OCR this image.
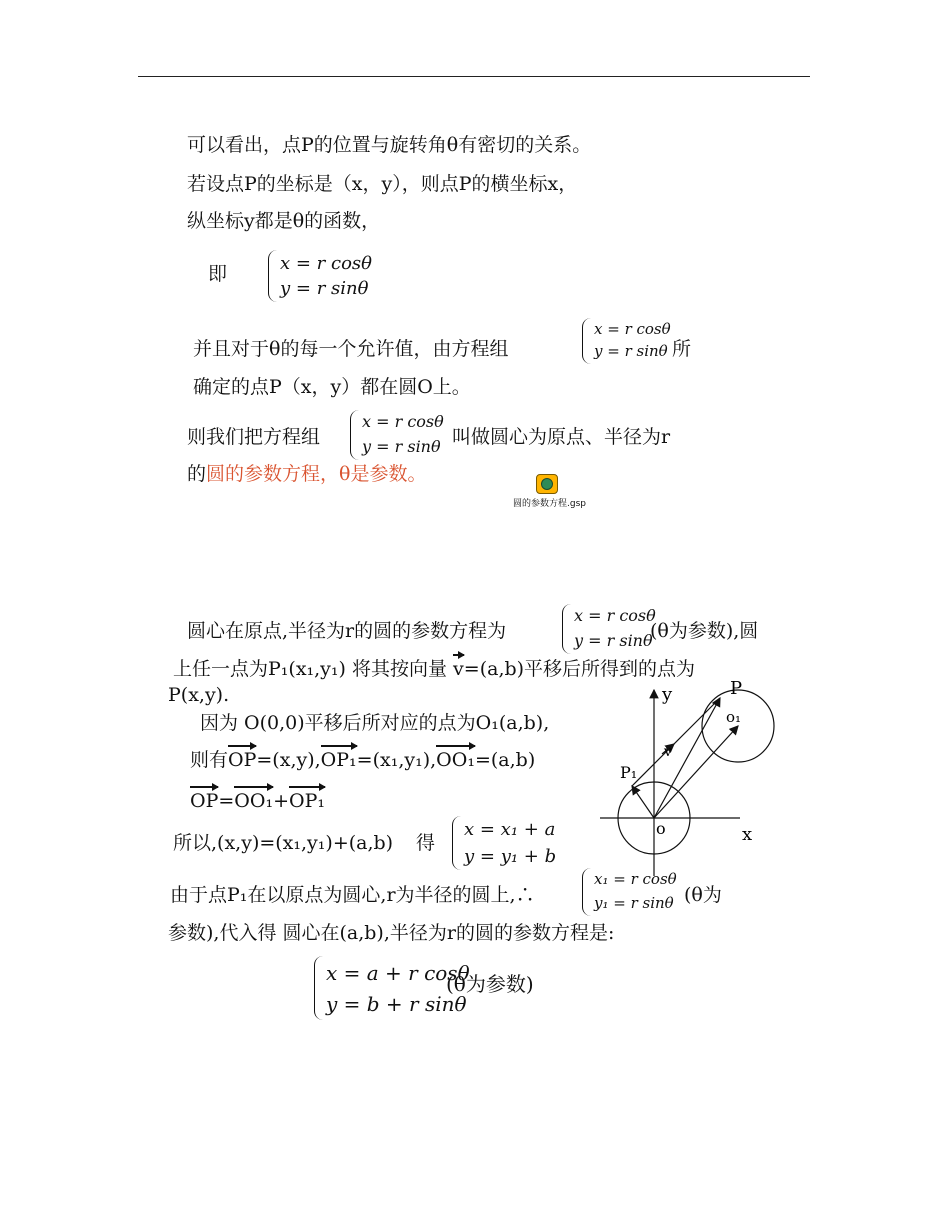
可以看出，点P的位置与旋转角θ有密切的关系。
若设点P的坐标是（x，y），则点P的横坐标x，
纵坐标y都是θ的函数，
即	x = r cosθ
y = r sinθ
并且对于θ的每一个允许值，由方程组
x = r cosθ
y = r sinθ 所
确定的点P（x，y）都在圆O上。
则我们把方程组
x = r cosθ
y = r sinθ 叫做圆心为原点、半径为r
的圆的参数方程，θ是参数。
圆的参数方程.gsp
圆心在原点,半径为r的圆的参数方程为
x = r cosθ
y = r sinθ
(θ为参数),圆
上任一点为P₁(x₁,y₁) 将其按向量 v=(a,b)平移后所得到的点为
P(x,y).
因为 O(0,0)平移后所对应的点为O₁(a,b),
则有OP=(x,y),OP₁=(x₁,y₁),OO₁=(a,b)
OP=OO₁+OP₁
所以,(x,y)=(x₁,y₁)+(a,b) 得
x = x₁ + a
y = y₁ + b
由于点P₁在以原点为圆心,r为半径的圆上,∴
x₁ = r cosθ
y₁ = r sinθ (θ为
参数),代入得 圆心在(a,b),半径为r的圆的参数方程是:
x = a + r cosθ
y = b + r sinθ
(θ为参数)
y
x
o
P
P₁
o₁
v
